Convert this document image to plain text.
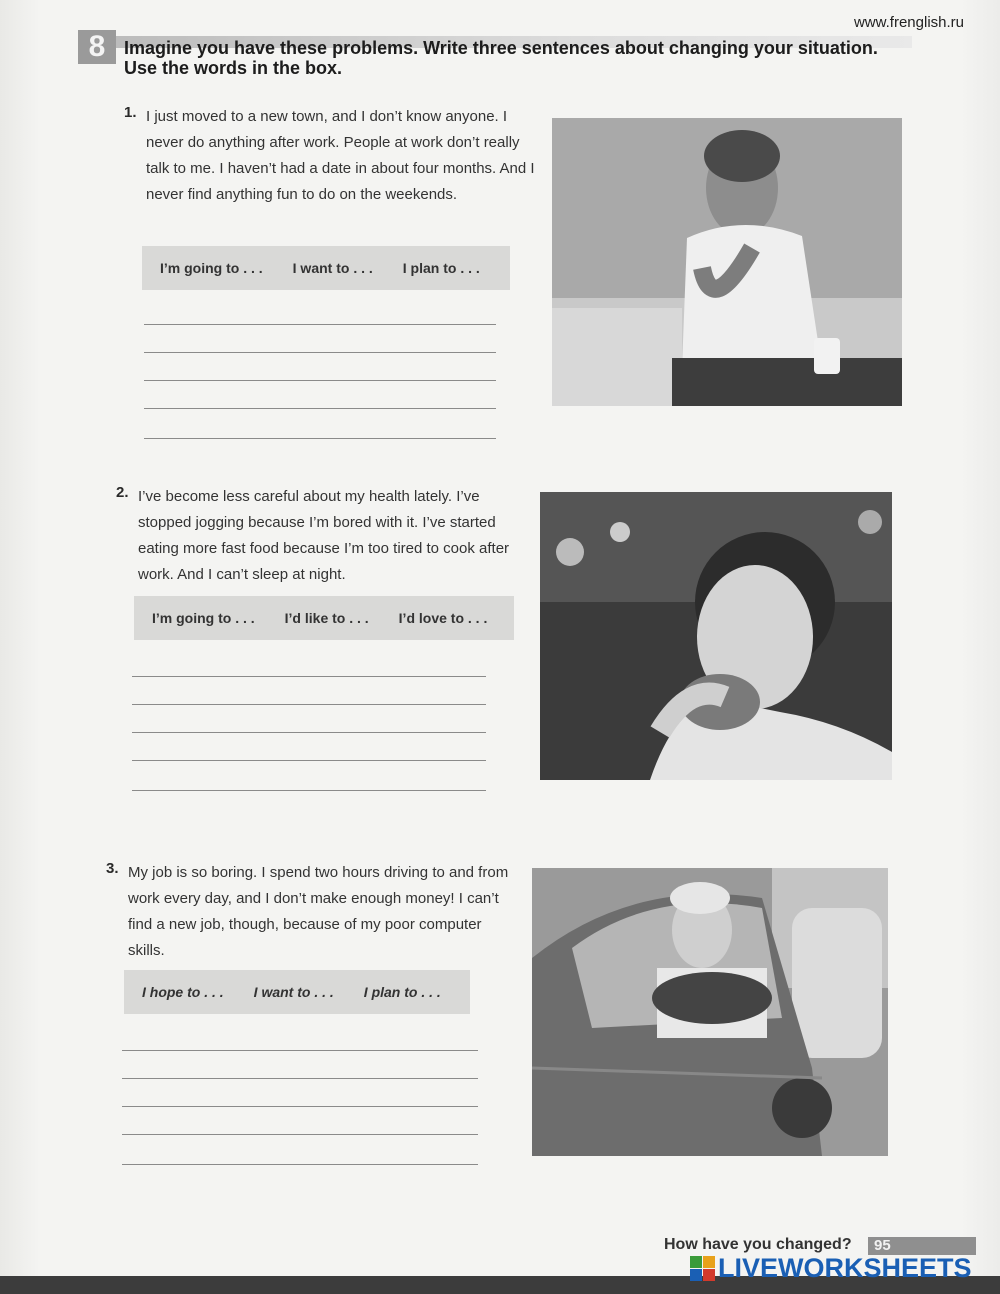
www.frenglish.ru
8	Imagine you have these problems. Write three sentences about changing your situation. Use the words in the box.
1. I just moved to a new town, and I don’t know anyone. I never do anything after work. People at work don’t really talk to me. I haven’t had a date in about four months. And I never find anything fun to do on the weekends.
I’m going to . . . I want to . . . I plan to . . .
2. I’ve become less careful about my health lately. I’ve stopped jogging because I’m bored with it. I’ve started eating more fast food because I’m too tired to cook after work. And I can’t sleep at night.
I’m going to . . . I’d like to . . . I’d love to . . .
3. My job is so boring. I spend two hours driving to and from work every day, and I don’t make enough money! I can’t find a new job, though, because of my poor computer skills.
I hope to . . . I want to . . . I plan to . . .
How have you changed? 95
LIVEWORKSHEETS
